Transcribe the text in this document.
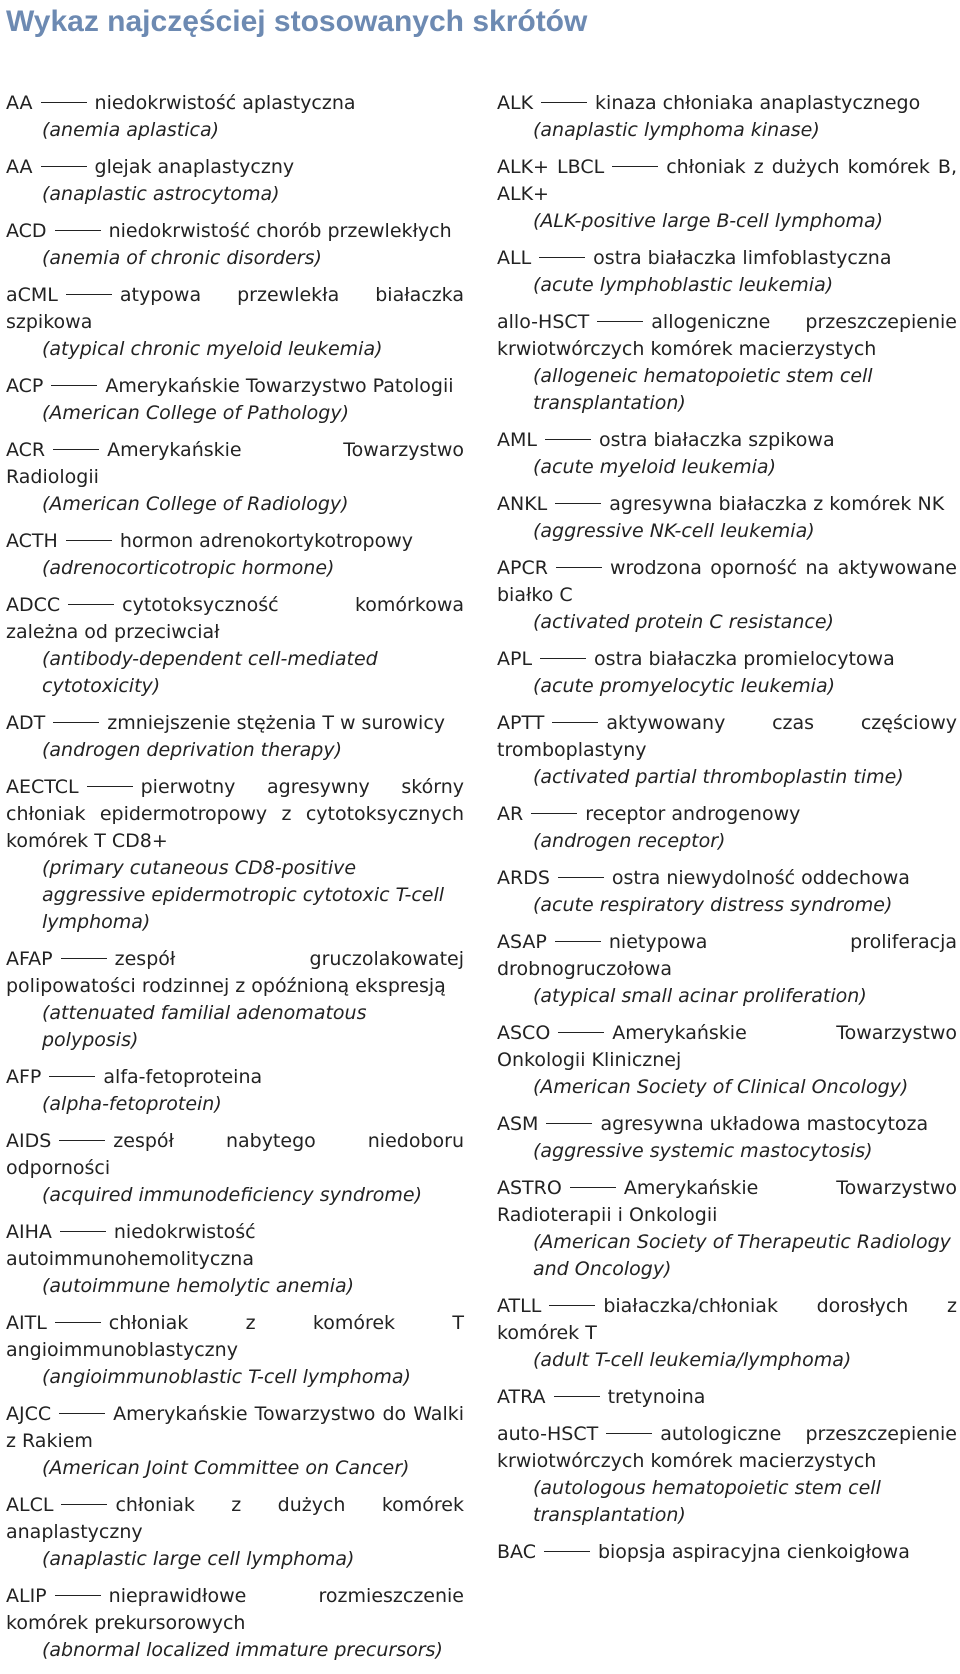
Wykaz najczęściej stosowanych skrótów

AA	niedokrwistość aplastyczna

(anemia aplastica)

AA	glejak anaplastyczny

(anaplastic astrocytoma)

ACD	niedokrwistość chorób przewlekłych

(anemia of chronic disorders)

aCML	atypowa przewlekła białaczka szpikowa

(atypical chronic myeloid leukemia)

ACP	Amerykańskie Towarzystwo Patologii

(American College of Pathology)

ACR	Amerykańskie Towarzystwo Radiologii

(American College of Radiology)

ACTH	hormon adrenokortykotropowy

(adrenocorticotropic hormone)

ADCC	cytotoksyczność komórkowa zależna od przeciwciał

(antibody-dependent cell-mediated cytotoxicity)

ADT	zmniejszenie stężenia T w surowicy

(androgen deprivation therapy)

AECTCL	pierwotny agresywny skórny chłoniak epidermotropowy z cytotoksycznych komórek T CD8+

(primary cutaneous CD8-positive aggressive epidermotropic cytotoxic T-cell lymphoma)

AFAP	zespół gruczolakowatej polipowatości rodzinnej z opóźnioną ekspresją

(attenuated familial adenomatous polyposis)

AFP	alfa-fetoproteina

(alpha-fetoprotein)

AIDS	zespół nabytego niedoboru odporności

(acquired immunodeficiency syndrome)

AIHA	niedokrwistość autoimmunohemolityczna

(autoimmune hemolytic anemia)

AITL	chłoniak z komórek T angioimmunoblastyczny

(angioimmunoblastic T-cell lymphoma)

AJCC	Amerykańskie Towarzystwo do Walki z Rakiem

(American Joint Committee on Cancer)

ALCL	chłoniak z dużych komórek anaplastyczny

(anaplastic large cell lymphoma)

ALIP	nieprawidłowe rozmieszczenie komórek prekursorowych

(abnormal localized immature precursors)

ALK	kinaza chłoniaka anaplastycznego

(anaplastic lymphoma kinase)

ALK+ LBCL	chłoniak z dużych komórek B, ALK+

(ALK-positive large B-cell lymphoma)

ALL	ostra białaczka limfoblastyczna

(acute lymphoblastic leukemia)

allo-HSCT	allogeniczne przeszczepienie krwiotwórczych komórek macierzystych

(allogeneic hematopoietic stem cell transplantation)

AML	ostra białaczka szpikowa

(acute myeloid leukemia)

ANKL	agresywna białaczka z komórek NK

(aggressive NK-cell leukemia)

APCR	wrodzona oporność na aktywowane białko C

(activated protein C resistance)

APL	ostra białaczka promielocytowa

(acute promyelocytic leukemia)

APTT	aktywowany czas częściowy tromboplastyny

(activated partial thromboplastin time)

AR	receptor androgenowy

(androgen receptor)

ARDS	ostra niewydolność oddechowa

(acute respiratory distress syndrome)

ASAP	nietypowa proliferacja drobnogruczołowa

(atypical small acinar proliferation)

ASCO	Amerykańskie Towarzystwo Onkologii Klinicznej

(American Society of Clinical Oncology)

ASM	agresywna układowa mastocytoza

(aggressive systemic mastocytosis)

ASTRO	Amerykańskie Towarzystwo Radioterapii i Onkologii

(American Society of Therapeutic Radiology and Oncology)

ATLL	białaczka/chłoniak dorosłych z komórek T

(adult T-cell leukemia/lymphoma)

ATRA	tretynoina

auto-HSCT	autologiczne przeszczepienie krwiotwórczych komórek macierzystych

(autologous hematopoietic stem cell transplantation)

BAC	biopsja aspiracyjna cienkoigłowa
